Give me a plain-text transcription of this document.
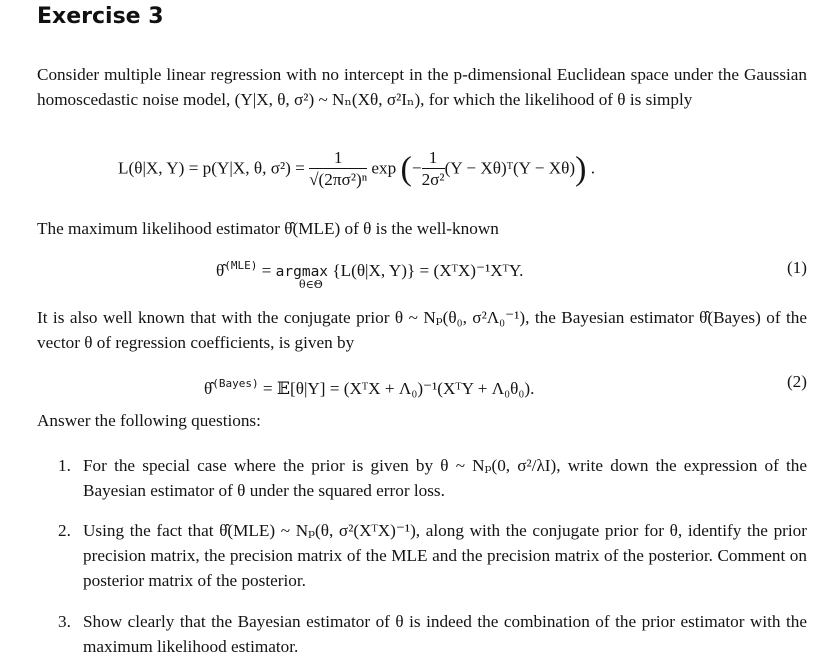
Exercise 3
Consider multiple linear regression with no intercept in the p-dimensional Euclidean space under the Gaussian homoscedastic noise model, (Y|X, θ, σ²) ~ Nₙ(Xθ, σ²Iₙ), for which the likelihood of θ is simply
L(θ|X, Y) = p(Y|X, θ, $\sigma^2) = \frac{1}{\text{√(2πσ²)ⁿ}}$ exp (− $\frac{1}{\text{2σ²}} (Y$ − Xθ)ᵀ(Y − Xθ)) .
The maximum likelihood estimator θ̂(MLE) of θ is the well-known
θ̂$^{(MLE)}$ = argmax {L(θ|X, Y)} = (XᵀX)⁻¹XᵀY.
θ∈Θ
(1)
It is also well known that with the conjugate prior θ ~ Nₚ(θ₀, σ²Λ₀⁻¹), the Bayesian estimator θ̂(Bayes) of the vector θ of regression coefficients, is given by
θ̂$^{(Bayes)}$ = 𝔼[θ|Y] = (XᵀX + Λ₀)⁻¹(XᵀY + Λ₀θ₀).	(2)
Answer the following questions:
1. For the special case where the prior is given by θ ~ Nₚ(0, σ²/λI), write down the expression of the Bayesian estimator of θ under the squared error loss.
2. Using the fact that θ̂(MLE) ~ Nₚ(θ, σ²(XᵀX)⁻¹), along with the conjugate prior for θ, identify the prior precision matrix, the precision matrix of the MLE and the precision matrix of the posterior. Comment on posterior matrix of the posterior.
3. Show clearly that the Bayesian estimator of θ is indeed the combination of the prior estimator with the maximum likelihood estimator.
